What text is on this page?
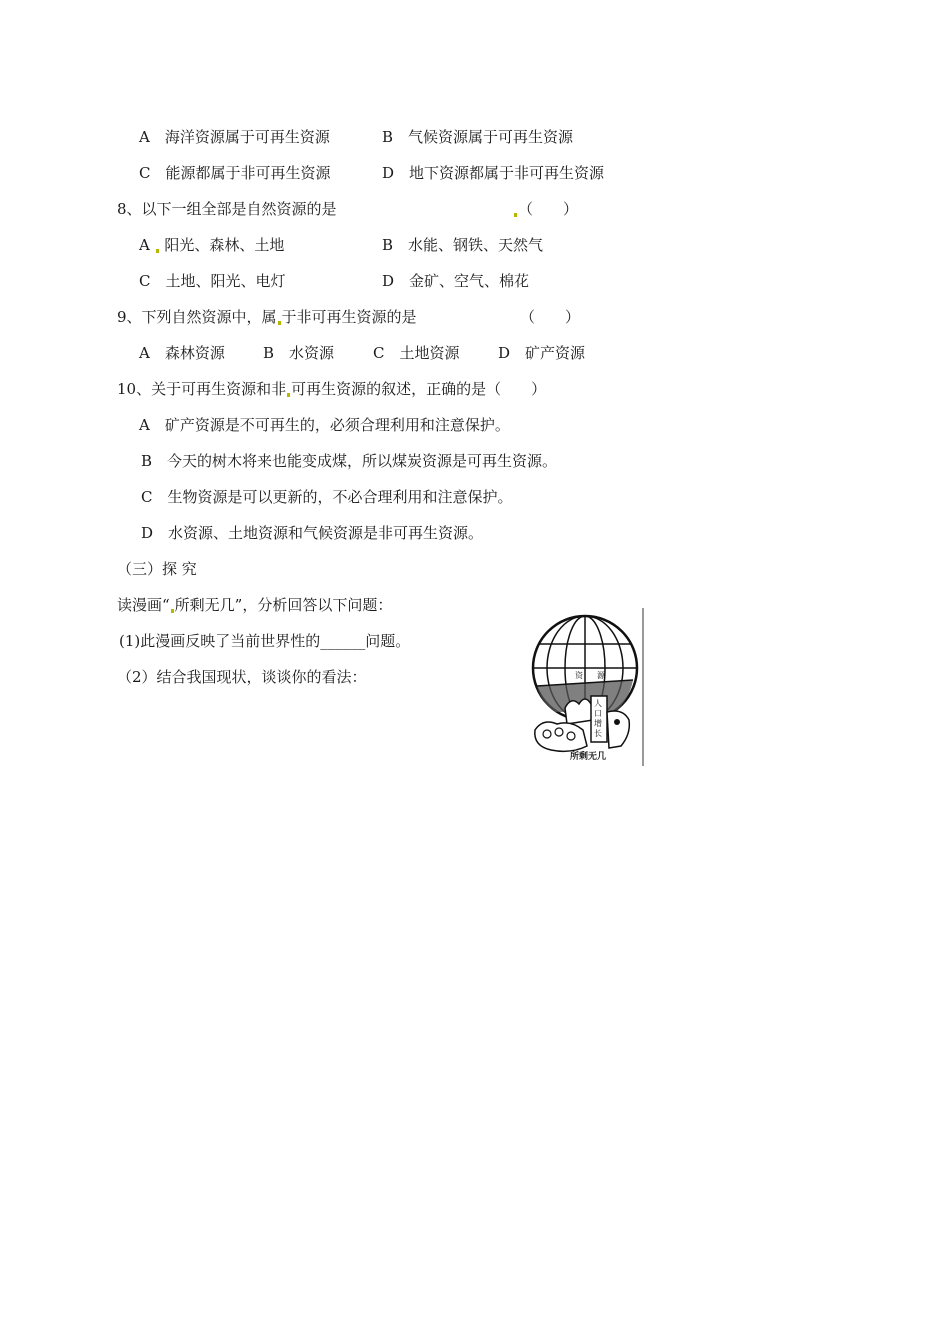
A　海洋资源属于可再生资源	B　气候资源属于可再生资源
C　能源都属于非可再生资源	D　地下资源都属于非可再生资源
8、以下一组全部是自然资源的是	（　　）
A 阳光、森林、土地	B　水能、钢铁、天然气
C　土地、阳光、电灯	D　金矿、空气、棉花
9、下列自然资源中，属 于非可再生资源的是	（　　）
A　森林资源	B　水资源	C　土地资源	D　矿产资源
10、关于可再生资源和非 可再生资源的叙述，正确的是（　　）
A　矿产资源是不可再生的，必须合理利用和注意保护。
B　今天的树木将来也能变成煤，所以煤炭资源是可再生资源。
C　生物资源是可以更新的，不必合理利用和注意保护。
D　水资源、土地资源和气候资源是非可再生资源。
（三）探 究
读漫画“ 所剩无几”，分析回答以下问题：
(1)此漫画反映了当前世界性的______问题。
（2）结合我国现状，谈谈你的看法：	资 源
人
口
增
长
所剩无几
